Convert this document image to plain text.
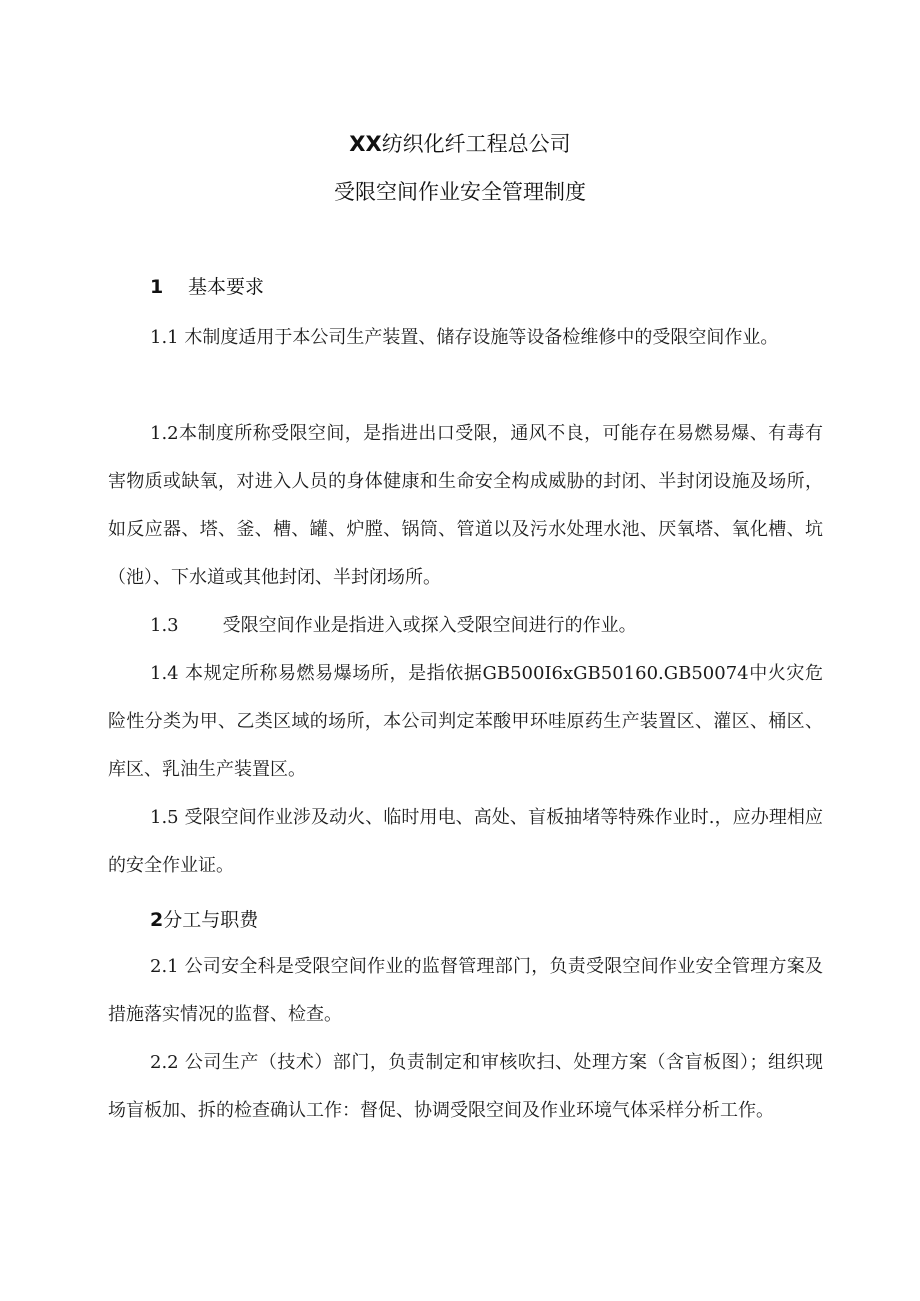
XX纺织化纤工程总公司
受限空间作业安全管理制度
1 基本要求

1.1 木制度适用于本公司生产装置、储存设施等设备检维修中的受限空间作业。

1.2本制度所称受限空间，是指进出口受限，通风不良，可能存在易燃易爆、有毒有害物质或缺氧，对进入人员的身体健康和生命安全构成威胁的封闭、半封闭设施及场所，如反应器、塔、釜、槽、罐、炉膛、锅筒、管道以及污水处理水池、厌氧塔、氧化槽、坑（池）、下水道或其他封闭、半封闭场所。

1.3 受限空间作业是指进入或探入受限空间进行的作业。

1.4 本规定所称易燃易爆场所，是指依据GB500I6xGB50160.GB50074中火灾危险性分类为甲、乙类区域的场所，本公司判定苯酸甲环哇原药生产装置区、灌区、桶区、库区、乳油生产装置区。

1.5 受限空间作业涉及动火、临时用电、高处、盲板抽堵等特殊作业时.，应办理相应的安全作业证。

2分工与职费

2.1 公司安全科是受限空间作业的监督管理部门，负责受限空间作业安全管理方案及措施落实情况的监督、检查。

2.2 公司生产（技术）部门，负责制定和审核吹扫、处理方案（含盲板图）；组织现场盲板加、拆的检查确认工作：督促、协调受限空间及作业环境气体采样分析工作。
